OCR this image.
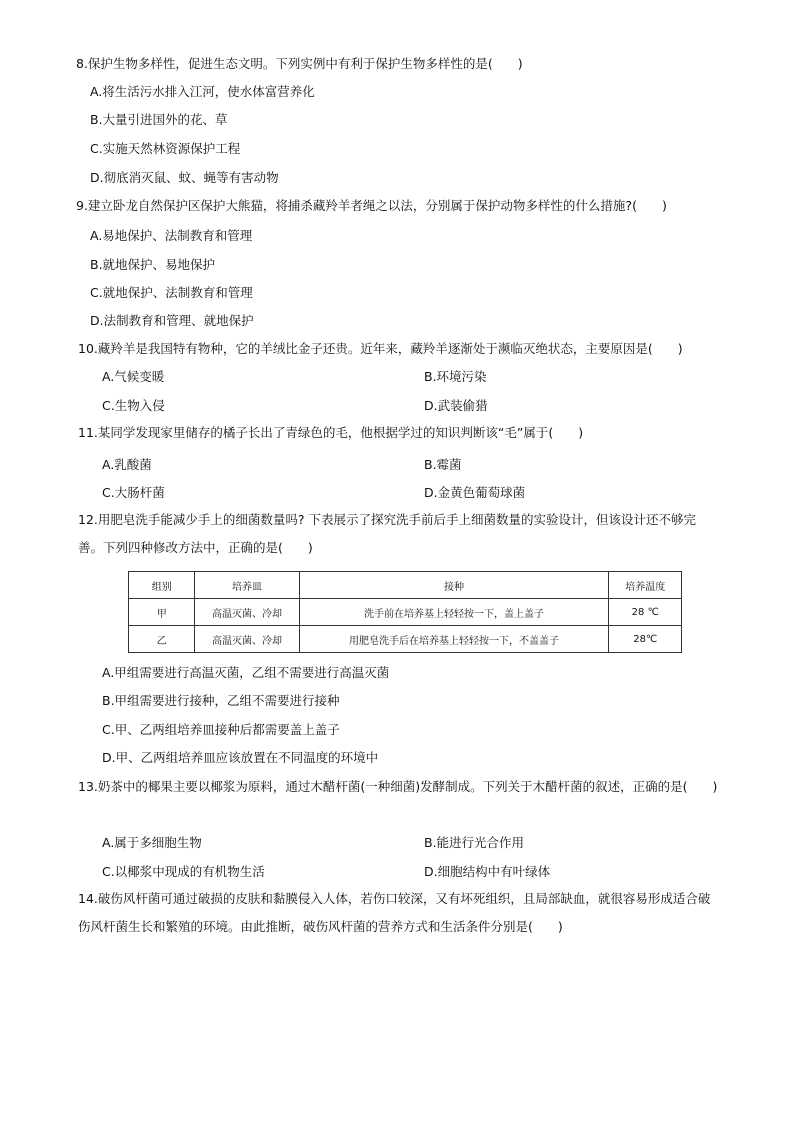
8.保护生物多样性，促进生态文明。下列实例中有利于保护生物多样性的是(　　)
A.将生活污水排入江河，使水体富营养化
B.大量引进国外的花、草
C.实施天然林资源保护工程
D.彻底消灭鼠、蚊、蝇等有害动物
9.建立卧龙自然保护区保护大熊猫，将捕杀藏羚羊者绳之以法，分别属于保护动物多样性的什么措施?(　　)
A.易地保护、法制教育和管理
B.就地保护、易地保护
C.就地保护、法制教育和管理
D.法制教育和管理、就地保护
10.藏羚羊是我国特有物种，它的羊绒比金子还贵。近年来，藏羚羊逐渐处于濒临灭绝状态，主要原因是(　　)
A.气候变暖	B.环境污染
C.生物入侵	D.武装偷猎
11.某同学发现家里储存的橘子长出了青绿色的毛，他根据学过的知识判断该“毛”属于(　　)
A.乳酸菌	B.霉菌
C.大肠杆菌	D.金黄色葡萄球菌
12.用肥皂洗手能减少手上的细菌数量吗? 下表展示了探究洗手前后手上细菌数量的实验设计，但该设计还不够完善。下列四种修改方法中，正确的是(　　)
组别	培养皿	接种	培养温度
甲	高温灭菌、冷却	洗手前在培养基上轻轻按一下，盖上盖子	28 ℃
乙	高温灭菌、冷却	用肥皂洗手后在培养基上轻轻按一下，不盖盖子	28℃
A.甲组需要进行高温灭菌，乙组不需要进行高温灭菌
B.甲组需要进行接种，乙组不需要进行接种
C.甲、乙两组培养皿接种后都需要盖上盖子
D.甲、乙两组培养皿应该放置在不同温度的环境中
13.奶茶中的椰果主要以椰浆为原料，通过木醋杆菌(一种细菌)发酵制成。下列关于木醋杆菌的叙述，正确的是(　　)
A.属于多细胞生物	B.能进行光合作用
C.以椰浆中现成的有机物生活	D.细胞结构中有叶绿体
14.破伤风杆菌可通过破损的皮肤和黏膜侵入人体，若伤口较深，又有坏死组织，且局部缺血，就很容易形成适合破伤风杆菌生长和繁殖的环境。由此推断，破伤风杆菌的营养方式和生活条件分别是(　　)
